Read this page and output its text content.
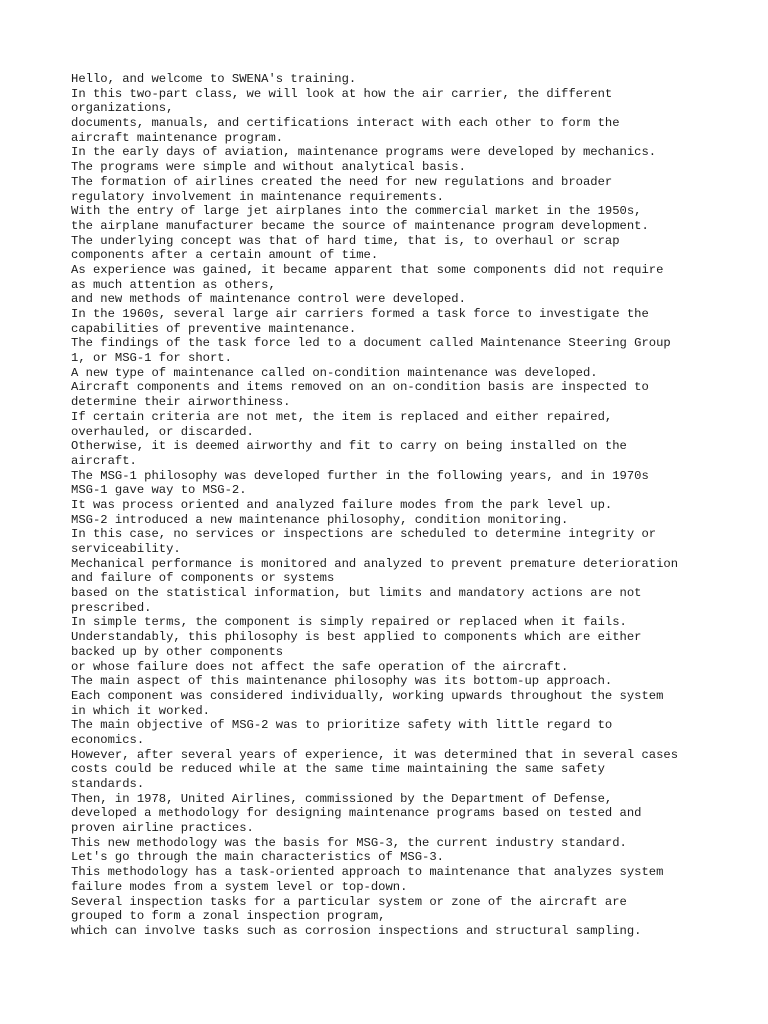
Hello, and welcome to SWENA's training.
In this two-part class, we will look at how the air carrier, the different
organizations,
documents, manuals, and certifications interact with each other to form the
aircraft maintenance program.
In the early days of aviation, maintenance programs were developed by mechanics.
The programs were simple and without analytical basis.
The formation of airlines created the need for new regulations and broader
regulatory involvement in maintenance requirements.
With the entry of large jet airplanes into the commercial market in the 1950s,
the airplane manufacturer became the source of maintenance program development.
The underlying concept was that of hard time, that is, to overhaul or scrap
components after a certain amount of time.
As experience was gained, it became apparent that some components did not require
as much attention as others,
and new methods of maintenance control were developed.
In the 1960s, several large air carriers formed a task force to investigate the
capabilities of preventive maintenance.
The findings of the task force led to a document called Maintenance Steering Group
1, or MSG-1 for short.
A new type of maintenance called on-condition maintenance was developed.
Aircraft components and items removed on an on-condition basis are inspected to
determine their airworthiness.
If certain criteria are not met, the item is replaced and either repaired,
overhauled, or discarded.
Otherwise, it is deemed airworthy and fit to carry on being installed on the
aircraft.
The MSG-1 philosophy was developed further in the following years, and in 1970s
MSG-1 gave way to MSG-2.
It was process oriented and analyzed failure modes from the park level up.
MSG-2 introduced a new maintenance philosophy, condition monitoring.
In this case, no services or inspections are scheduled to determine integrity or
serviceability.
Mechanical performance is monitored and analyzed to prevent premature deterioration
and failure of components or systems
based on the statistical information, but limits and mandatory actions are not
prescribed.
In simple terms, the component is simply repaired or replaced when it fails.
Understandably, this philosophy is best applied to components which are either
backed up by other components
or whose failure does not affect the safe operation of the aircraft.
The main aspect of this maintenance philosophy was its bottom-up approach.
Each component was considered individually, working upwards throughout the system
in which it worked.
The main objective of MSG-2 was to prioritize safety with little regard to
economics.
However, after several years of experience, it was determined that in several cases
costs could be reduced while at the same time maintaining the same safety
standards.
Then, in 1978, United Airlines, commissioned by the Department of Defense,
developed a methodology for designing maintenance programs based on tested and
proven airline practices.
This new methodology was the basis for MSG-3, the current industry standard.
Let's go through the main characteristics of MSG-3.
This methodology has a task-oriented approach to maintenance that analyzes system
failure modes from a system level or top-down.
Several inspection tasks for a particular system or zone of the aircraft are
grouped to form a zonal inspection program,
which can involve tasks such as corrosion inspections and structural sampling.
